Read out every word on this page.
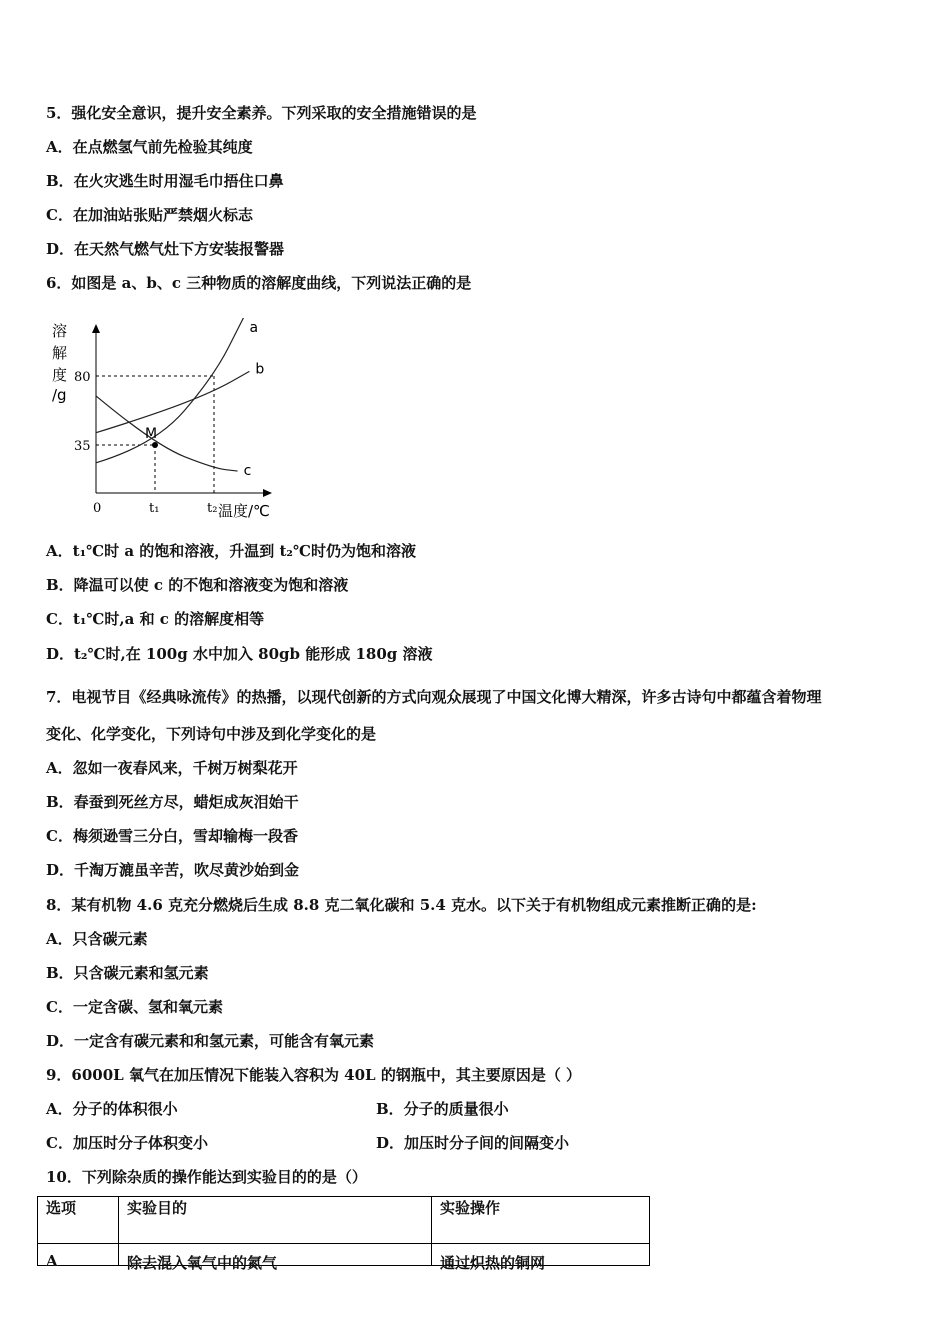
5．强化安全意识，提升安全素养。下列采取的安全措施错误的是
A．在点燃氢气前先检验其纯度
B．在火灾逃生时用湿毛巾捂住口鼻
C．在加油站张贴严禁烟火标志
D．在天然气燃气灶下方安装报警器
6．如图是 a、b、c 三种物质的溶解度曲线，下列说法正确的是
溶
解
度
/g
80
35
0	t₁	t₂ 温度/℃
a
b
c
M
A．t₁℃时 a 的饱和溶液，升温到 t₂℃时仍为饱和溶液
B．降温可以使 c 的不饱和溶液变为饱和溶液
C．t₁℃时,a 和 c 的溶解度相等
D．t₂℃时,在 100g 水中加入 80gb 能形成 180g 溶液
7．电视节目《经典咏流传》的热播，以现代创新的方式向观众展现了中国文化博大精深，许多古诗句中都蕴含着物理
变化、化学变化，下列诗句中涉及到化学变化的是
A．忽如一夜春风来，千树万树梨花开
B．春蚕到死丝方尽，蜡炬成灰泪始干
C．梅须逊雪三分白，雪却输梅一段香
D．千淘万漉虽辛苦，吹尽黄沙始到金
8．某有机物 4.6 克充分燃烧后生成 8.8 克二氧化碳和 5.4 克水。以下关于有机物组成元素推断正确的是:
A．只含碳元素
B．只含碳元素和氢元素
C．一定含碳、氢和氧元素
D．一定含有碳元素和和氢元素，可能含有氧元素
9．6000L 氧气在加压情况下能装入容积为 40L 的钢瓶中，其主要原因是（ ）
A．分子的体积很小	B．分子的质量很小
C．加压时分子体积变小	D．加压时分子间的间隔变小
10．下列除杂质的操作能达到实验目的的是（）
选项	实验目的	实验操作
A	除去混入氧气中的氮气	通过炽热的铜网
